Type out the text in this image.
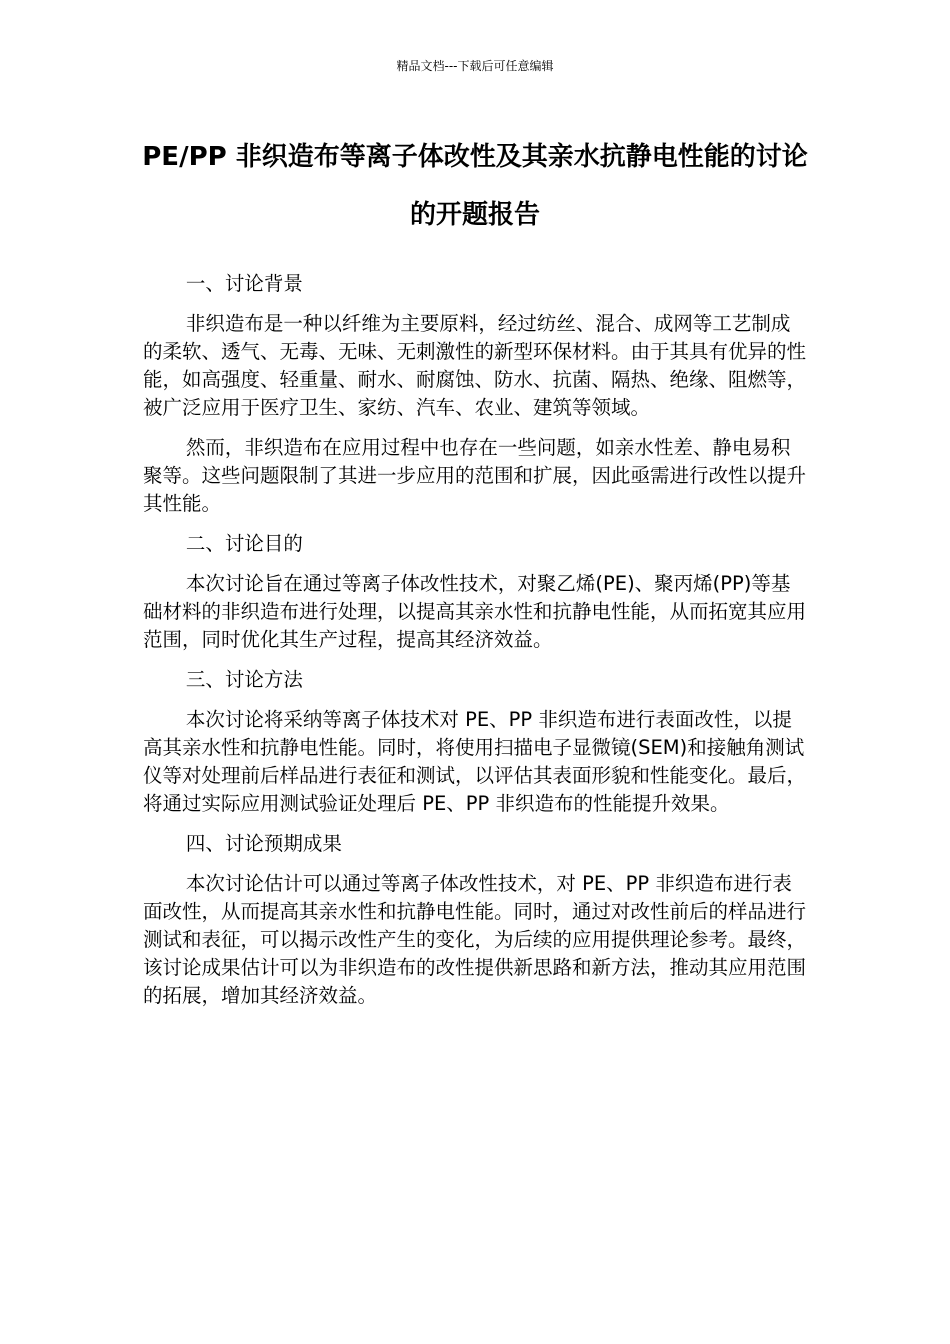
精品文档---下载后可任意编辑
PE/PP 非织造布等离子体改性及其亲水抗静电性能的讨论的开题报告

一、讨论背景

非织造布是一种以纤维为主要原料，经过纺丝、混合、成网等工艺制成的柔软、透气、无毒、无味、无刺激性的新型环保材料。由于其具有优异的性能，如高强度、轻重量、耐水、耐腐蚀、防水、抗菌、隔热、绝缘、阻燃等，被广泛应用于医疗卫生、家纺、汽车、农业、建筑等领域。

然而，非织造布在应用过程中也存在一些问题，如亲水性差、静电易积聚等。这些问题限制了其进一步应用的范围和扩展，因此亟需进行改性以提升其性能。

二、讨论目的

本次讨论旨在通过等离子体改性技术，对聚乙烯(PE)、聚丙烯(PP)等基础材料的非织造布进行处理，以提高其亲水性和抗静电性能，从而拓宽其应用范围，同时优化其生产过程，提高其经济效益。

三、讨论方法

本次讨论将采纳等离子体技术对 PE、PP 非织造布进行表面改性，以提高其亲水性和抗静电性能。同时，将使用扫描电子显微镜(SEM)和接触角测试仪等对处理前后样品进行表征和测试，以评估其表面形貌和性能变化。最后，将通过实际应用测试验证处理后 PE、PP 非织造布的性能提升效果。

四、讨论预期成果

本次讨论估计可以通过等离子体改性技术，对 PE、PP 非织造布进行表面改性，从而提高其亲水性和抗静电性能。同时，通过对改性前后的样品进行测试和表征，可以揭示改性产生的变化，为后续的应用提供理论参考。最终，该讨论成果估计可以为非织造布的改性提供新思路和新方法，推动其应用范围的拓展，增加其经济效益。
